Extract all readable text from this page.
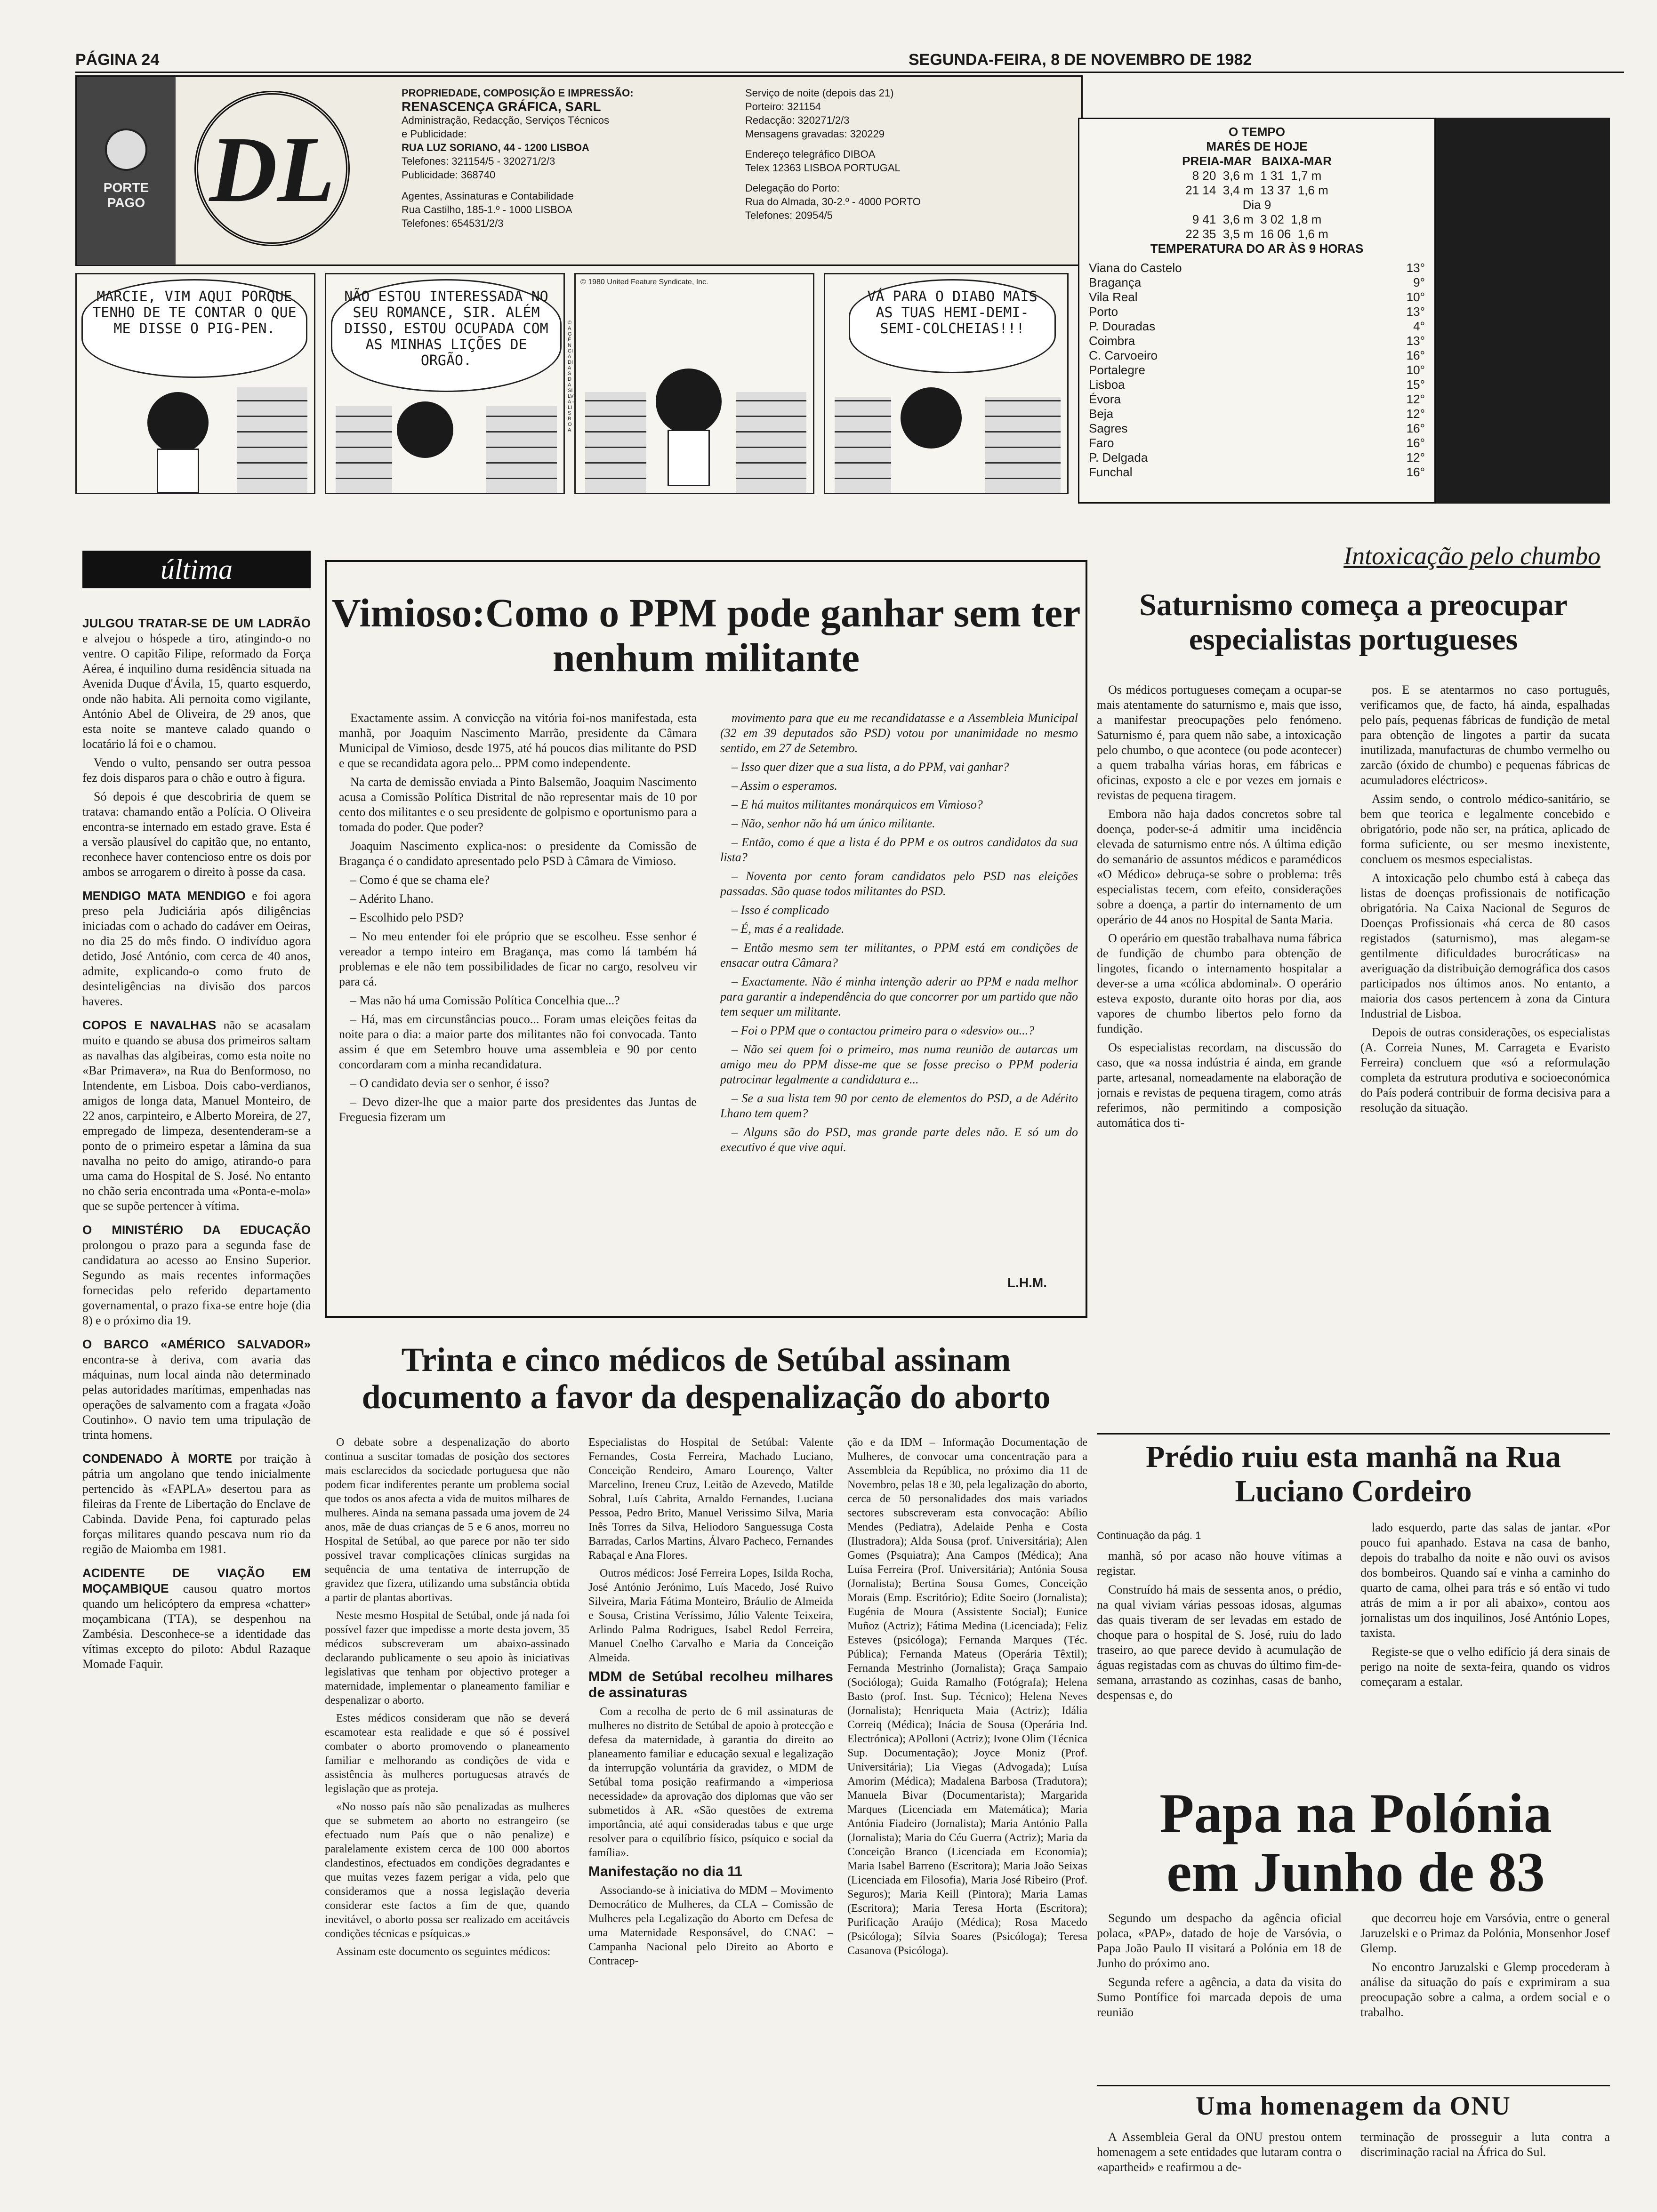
PÁGINA 24	SEGUNDA-FEIRA, 8 DE NOVEMBRO DE 1982
PORTE PAGO DL
PROPRIEDADE, COMPOSIÇÃO E IMPRESSÃO:
RENASCENÇA GRÁFICA, SARL
Administração, Redacção, Serviços Técnicos
e Publicidade:
RUA LUZ SORIANO, 44 - 1200 LISBOA
Telefones: 321154/5 - 320271/2/3
Publicidade: 368740
Agentes, Assinaturas e Contabilidade
Rua Castilho, 185-1.º - 1000 LISBOA
Telefones: 654531/2/3
Serviço de noite (depois das 21)
Porteiro: 321154
Redacção: 320271/2/3
Mensagens gravadas: 320229
Endereço telegráfico DIBOA
Telex 12363 LISBOA PORTUGAL
Delegação do Porto:
Rua do Almada, 30-2.º - 4000 PORTO
Telefones: 20954/5
O TEMPO
MARÉS DE HOJE
PREIA-MAR   BAIXA-MAR
8 20  3,6 m  1 31  1,7 m
21 14  3,4 m  13 37  1,6 m
Dia 9
9 41  3,6 m  3 02  1,8 m
22 35  3,5 m  16 06  1,6 m
TEMPERATURA DO AR ÀS 9 HORAS
Viana do Castelo	13°
Bragança	9°
Vila Real	10°
Porto	13°
P. Douradas	4°
Coimbra	13°
C. Carvoeiro	16°
Portalegre	10°
Lisboa	15°
Évora	12°
Beja	12°
Sagres	16°
Faro	16°
P. Delgada	12°
Funchal	16°
MARCIE, VIM AQUI PORQUE TENHO DE TE CONTAR O QUE ME DISSE O PIG-PEN.
NÃO ESTOU INTERESSADA NO SEU ROMANCE, SIR. ALÉM DISSO, ESTOU OCUPADA COM AS MINHAS LIÇÕES DE ORGÃO.
© 1980 United Feature Syndicate, Inc.
VÁ PARA O DIABO MAIS AS TUAS HEMI-DEMI-SEMI-COLCHEIAS!!!
© AGÊNCIA DIAS DA SILVA - LISBOA
última

JULGOU TRATAR-SE DE UM LADRÃO e alvejou o hóspede a tiro, atingindo-o no ventre. O capitão Filipe, reformado da Força Aérea, é inquilino duma residência situada na Avenida Duque d'Ávila, 15, quarto esquerdo, onde não habita. Ali pernoita como vigilante, António Abel de Oliveira, de 29 anos, que esta noite se manteve calado quando o locatário lá foi e o chamou.

Vendo o vulto, pensando ser outra pessoa fez dois disparos para o chão e outro à figura.

Só depois é que descobriria de quem se tratava: chamando então a Polícia. O Oliveira encontra-se internado em estado grave. Esta é a versão plausível do capitão que, no entanto, reconhece haver contencioso entre os dois por ambos se arrogarem o direito à posse da casa.

MENDIGO MATA MENDIGO e foi agora preso pela Judiciária após diligências iniciadas com o achado do cadáver em Oeiras, no dia 25 do mês findo. O indivíduo agora detido, José António, com cerca de 40 anos, admite, explicando-o como fruto de desinteligências na divisão dos parcos haveres.

COPOS E NAVALHAS não se acasalam muito e quando se abusa dos primeiros saltam as navalhas das algibeiras, como esta noite no «Bar Primavera», na Rua do Benformoso, no Intendente, em Lisboa. Dois cabo-verdianos, amigos de longa data, Manuel Monteiro, de 22 anos, carpinteiro, e Alberto Moreira, de 27, empregado de limpeza, desentenderam-se a ponto de o primeiro espetar a lâmina da sua navalha no peito do amigo, atirando-o para uma cama do Hospital de S. José. No entanto no chão seria encontrada uma «Ponta-e-mola» que se supõe pertencer à vítima.

O MINISTÉRIO DA EDUCAÇÃO prolongou o prazo para a segunda fase de candidatura ao acesso ao Ensino Superior. Segundo as mais recentes informações fornecidas pelo referido departamento governamental, o prazo fixa-se entre hoje (dia 8) e o próximo dia 19.

O BARCO «AMÉRICO SALVADOR» encontra-se à deriva, com avaria das máquinas, num local ainda não determinado pelas autoridades marítimas, empenhadas nas operações de salvamento com a fragata «João Coutinho». O navio tem uma tripulação de trinta homens.

CONDENADO À MORTE por traição à pátria um angolano que tendo inicialmente pertencido às «FAPLA» desertou para as fileiras da Frente de Libertação do Enclave de Cabinda. Davide Pena, foi capturado pelas forças militares quando pescava num rio da região de Maiomba em 1981.

ACIDENTE DE VIAÇÃO EM MOÇAMBIQUE causou quatro mortos quando um helicóptero da empresa «chatter» moçambicana (TTA), se despenhou na Zambésia. Desconhece-se a identidade das vítimas excepto do piloto: Abdul Razaque Momade Faquir.

Vimioso:Como o PPM pode ganhar sem ter nenhum militante

Exactamente assim. A convicção na vitória foi-nos manifestada, esta manhã, por Joaquim Nascimento Marrão, presidente da Câmara Municipal de Vimioso, desde 1975, até há poucos dias militante do PSD e que se recandidata agora pelo... PPM como independente.

Na carta de demissão enviada a Pinto Balsemão, Joaquim Nascimento acusa a Comissão Política Distrital de não representar mais de 10 por cento dos militantes e o seu presidente de golpismo e oportunismo para a tomada do poder. Que poder?

Joaquim Nascimento explica-nos: o presidente da Comissão de Bragança é o candidato apresentado pelo PSD à Câmara de Vimioso.

– Como é que se chama ele?

– Adérito Lhano.

– Escolhido pelo PSD?

– No meu entender foi ele próprio que se escolheu. Esse senhor é vereador a tempo inteiro em Bragança, mas como lá também há problemas e ele não tem possibilidades de ficar no cargo, resolveu vir para cá.

– Mas não há uma Comissão Política Concelhia que...?

– Há, mas em circunstâncias pouco... Foram umas eleições feitas da noite para o dia: a maior parte dos militantes não foi convocada. Tanto assim é que em Setembro houve uma assembleia e 90 por cento concordaram com a minha recandidatura.

– O candidato devia ser o senhor, é isso?

– Devo dizer-lhe que a maior parte dos presidentes das Juntas de Freguesia fizeram um

movimento para que eu me recandidatasse e a Assembleia Municipal (32 em 39 deputados são PSD) votou por unanimidade no mesmo sentido, em 27 de Setembro.

– Isso quer dizer que a sua lista, a do PPM, vai ganhar?

– Assim o esperamos.

– E há muitos militantes monárquicos em Vimioso?

– Não, senhor não há um único militante.

– Então, como é que a lista é do PPM e os outros candidatos da sua lista?

– Noventa por cento foram candidatos pelo PSD nas eleições passadas. São quase todos militantes do PSD.

– Isso é complicado

– É, mas é a realidade.

– Então mesmo sem ter militantes, o PPM está em condições de ensacar outra Câmara?

– Exactamente. Não é minha intenção aderir ao PPM e nada melhor para garantir a independência do que concorrer por um partido que não tem sequer um militante.

– Foi o PPM que o contactou primeiro para o «desvio» ou...?

– Não sei quem foi o primeiro, mas numa reunião de autarcas um amigo meu do PPM disse-me que se fosse preciso o PPM poderia patrocinar legalmente a candidatura e...

– Se a sua lista tem 90 por cento de elementos do PSD, a de Adérito Lhano tem quem?

– Alguns são do PSD, mas grande parte deles não. E só um do executivo é que vive aqui.

L.H.M.
Trinta e cinco médicos de Setúbal assinam documento a favor da despenalização do aborto

O debate sobre a despenalização do aborto continua a suscitar tomadas de posição dos sectores mais esclarecidos da sociedade portuguesa que não podem ficar indiferentes perante um problema social que todos os anos afecta a vida de muitos milhares de mulheres. Ainda na semana passada uma jovem de 24 anos, mãe de duas crianças de 5 e 6 anos, morreu no Hospital de Setúbal, ao que parece por não ter sido possível travar complicações clínicas surgidas na sequência de uma tentativa de interrupção de gravidez que fizera, utilizando uma substância obtida a partir de plantas abortivas.

Neste mesmo Hospital de Setúbal, onde já nada foi possível fazer que impedisse a morte desta jovem, 35 médicos subscreveram um abaixo-assinado declarando publicamente o seu apoio às iniciativas legislativas que tenham por objectivo proteger a maternidade, implementar o planeamento familiar e despenalizar o aborto.

Estes médicos consideram que não se deverá escamotear esta realidade e que só é possível combater o aborto promovendo o planeamento familiar e melhorando as condições de vida e assistência às mulheres portuguesas através de legislação que as proteja.

«No nosso país não são penalizadas as mulheres que se submetem ao aborto no estrangeiro (se efectuado num País que o não penalize) e paralelamente existem cerca de 100 000 abortos clandestinos, efectuados em condições degradantes e que muitas vezes fazem perigar a vida, pelo que consideramos que a nossa legislação deveria considerar este factos a fim de que, quando inevitável, o aborto possa ser realizado em aceitáveis condições técnicas e psíquicas.»

Assinam este documento os seguintes médicos:

Especialistas do Hospital de Setúbal: Valente Fernandes, Costa Ferreira, Machado Luciano, Conceição Rendeiro, Amaro Lourenço, Valter Marcelino, Ireneu Cruz, Leitão de Azevedo, Matilde Sobral, Luís Cabrita, Arnaldo Fernandes, Luciana Pessoa, Pedro Brito, Manuel Verissimo Silva, Maria Inês Torres da Silva, Heliodoro Sanguessuga Costa Barradas, Carlos Martins, Álvaro Pacheco, Fernandes Rabaçal e Ana Flores.

Outros médicos: José Ferreira Lopes, Isilda Rocha, José António Jerónimo, Luís Macedo, José Ruivo Silveira, Maria Fátima Monteiro, Bráulio de Almeida e Sousa, Cristina Veríssimo, Júlio Valente Teixeira, Arlindo Palma Rodrigues, Isabel Redol Ferreira, Manuel Coelho Carvalho e Maria da Conceição Almeida.

MDM de Setúbal recolheu milhares de assinaturas

Com a recolha de perto de 6 mil assinaturas de mulheres no distrito de Setúbal de apoio à protecção e defesa da maternidade, à garantia do direito ao planeamento familiar e educação sexual e legalização da interrupção voluntária da gravidez, o MDM de Setúbal toma posição reafirmando a «imperiosa necessidade» da aprovação dos diplomas que vão ser submetidos à AR. «São questões de extrema importância, até aqui consideradas tabus e que urge resolver para o equilíbrio físico, psíquico e social da família».

Manifestação no dia 11

Associando-se à iniciativa do MDM – Movimento Democrático de Mulheres, da CLA – Comissão de Mulheres pela Legalização do Aborto em Defesa de uma Maternidade Responsável, do CNAC – Campanha Nacional pelo Direito ao Aborto e Contracep-

ção e da IDM – Informação Documentação de Mulheres, de convocar uma concentração para a Assembleia da República, no próximo dia 11 de Novembro, pelas 18 e 30, pela legalização do aborto, cerca de 50 personalidades dos mais variados sectores subscreveram esta convocação: Abílio Mendes (Pediatra), Adelaide Penha e Costa (Ilustradora); Alda Sousa (prof. Universitária); Alen Gomes (Psquiatra); Ana Campos (Médica); Ana Luísa Ferreira (Prof. Universitária); Antónia Sousa (Jornalista); Bertina Sousa Gomes, Conceição Morais (Emp. Escritório); Edite Soeiro (Jornalista); Eugénia de Moura (Assistente Social); Eunice Muñoz (Actriz); Fátima Medina (Licenciada); Feliz Esteves (psicóloga); Fernanda Marques (Téc. Pública); Fernanda Mateus (Operária Têxtil); Fernanda Mestrinho (Jornalista); Graça Sampaio (Socióloga); Guida Ramalho (Fotógrafa); Helena Basto (prof. Inst. Sup. Técnico); Helena Neves (Jornalista); Henriqueta Maia (Actriz); Idália Correiq (Médica); Inácia de Sousa (Operária Ind. Electrónica); APolloni (Actriz); Ivone Olim (Técnica Sup. Documentação); Joyce Moniz (Prof. Universitária); Lia Viegas (Advogada); Luísa Amorim (Médica); Madalena Barbosa (Tradutora); Manuela Bivar (Documentarista); Margarida Marques (Licenciada em Matemática); Maria Antónia Fiadeiro (Jornalista); Maria António Palla (Jornalista); Maria do Céu Guerra (Actriz); Maria da Conceição Branco (Licenciada em Economia); Maria Isabel Barreno (Escritora); Maria João Seixas (Licenciada em Filosofia), Maria José Ribeiro (Prof. Seguros); Maria Keill (Pintora); Maria Lamas (Escritora); Maria Teresa Horta (Escritora); Purificação Araújo (Médica); Rosa Macedo (Psicóloga); Sílvia Soares (Psicóloga); Teresa Casanova (Psicóloga).

Intoxicação pelo chumbo
Saturnismo começa a preocupar especialistas portugueses

Os médicos portugueses começam a ocupar-se mais atentamente do saturnismo e, mais que isso, a manifestar preocupações pelo fenómeno. Saturnismo é, para quem não sabe, a intoxicação pelo chumbo, o que acontece (ou pode acontecer) a quem trabalha várias horas, em fábricas e oficinas, exposto a ele e por vezes em jornais e revistas de pequena tiragem.

Embora não haja dados concretos sobre tal doença, poder-se-á admitir uma incidência elevada de saturnismo entre nós. A última edição do semanário de assuntos médicos e paramédicos «O Médico» debruça-se sobre o problema: três especialistas tecem, com efeito, considerações sobre a doença, a partir do internamento de um operário de 44 anos no Hospital de Santa Maria.

O operário em questão trabalhava numa fábrica de fundição de chumbo para obtenção de lingotes, ficando o internamento hospitalar a dever-se a uma «cólica abdominal». O operário esteva exposto, durante oito horas por dia, aos vapores de chumbo libertos pelo forno da fundição.

Os especialistas recordam, na discussão do caso, que «a nossa indústria é ainda, em grande parte, artesanal, nomeadamente na elaboração de jornais e revistas de pequena tiragem, como atrás referimos, não permitindo a composição automática dos ti-

pos. E se atentarmos no caso português, verificamos que, de facto, há ainda, espalhadas pelo país, pequenas fábricas de fundição de metal para obtenção de lingotes a partir da sucata inutilizada, manufacturas de chumbo vermelho ou zarcão (óxido de chumbo) e pequenas fábricas de acumuladores eléctricos».

Assim sendo, o controlo médico-sanitário, se bem que teorica e legalmente concebido e obrigatório, pode não ser, na prática, aplicado de forma suficiente, ou ser mesmo inexistente, concluem os mesmos especialistas.

A intoxicação pelo chumbo está à cabeça das listas de doenças profissionais de notificação obrigatória. Na Caixa Nacional de Seguros de Doenças Profissionais «há cerca de 80 casos registados (saturnismo), mas alegam-se gentilmente dificuldades burocráticas» na averiguação da distribuição demográfica dos casos participados nos últimos anos. No entanto, a maioria dos casos pertencem à zona da Cintura Industrial de Lisboa.

Depois de outras considerações, os especialistas (A. Correia Nunes, M. Carrageta e Evaristo Ferreira) concluem que «só a reformulação completa da estrutura produtiva e socioeconómica do País poderá contribuir de forma decisiva para a resolução da situação.

Prédio ruiu esta manhã na Rua Luciano Cordeiro
Continuação da pág. 1

manhã, só por acaso não houve vítimas a registar.

Construído há mais de sessenta anos, o prédio, na qual viviam várias pessoas idosas, algumas das quais tiveram de ser levadas em estado de choque para o hospital de S. José, ruiu do lado traseiro, ao que parece devido à acumulação de águas registadas com as chuvas do último fim-de-semana, arrastando as cozinhas, casas de banho, despensas e, do

lado esquerdo, parte das salas de jantar. «Por pouco fui apanhado. Estava na casa de banho, depois do trabalho da noite e não ouvi os avisos dos bombeiros. Quando saí e vinha a caminho do quarto de cama, olhei para trás e só então vi tudo atrás de mim a ir por ali abaixo», contou aos jornalistas um dos inquilinos, José António Lopes, taxista.

Registe-se que o velho edifício já dera sinais de perigo na noite de sexta-feira, quando os vidros começaram a estalar.

Papa na Polónia em Junho de 83

Segundo um despacho da agência oficial polaca, «PAP», datado de hoje de Varsóvia, o Papa João Paulo II visitará a Polónia em 18 de Junho do próximo ano.

Segunda refere a agência, a data da visita do Sumo Pontífice foi marcada depois de uma reunião

que decorreu hoje em Varsóvia, entre o general Jaruzelski e o Primaz da Polónia, Monsenhor Josef Glemp.

No encontro Jaruzalski e Glemp procederam à análise da situação do país e exprimiram a sua preocupação sobre a calma, a ordem social e o trabalho.

Uma homenagem da ONU

A Assembleia Geral da ONU prestou ontem homenagem a sete entidades que lutaram contra o «apartheid» e reafirmou a de-

terminação de prosseguir a luta contra a discriminação racial na África do Sul.
